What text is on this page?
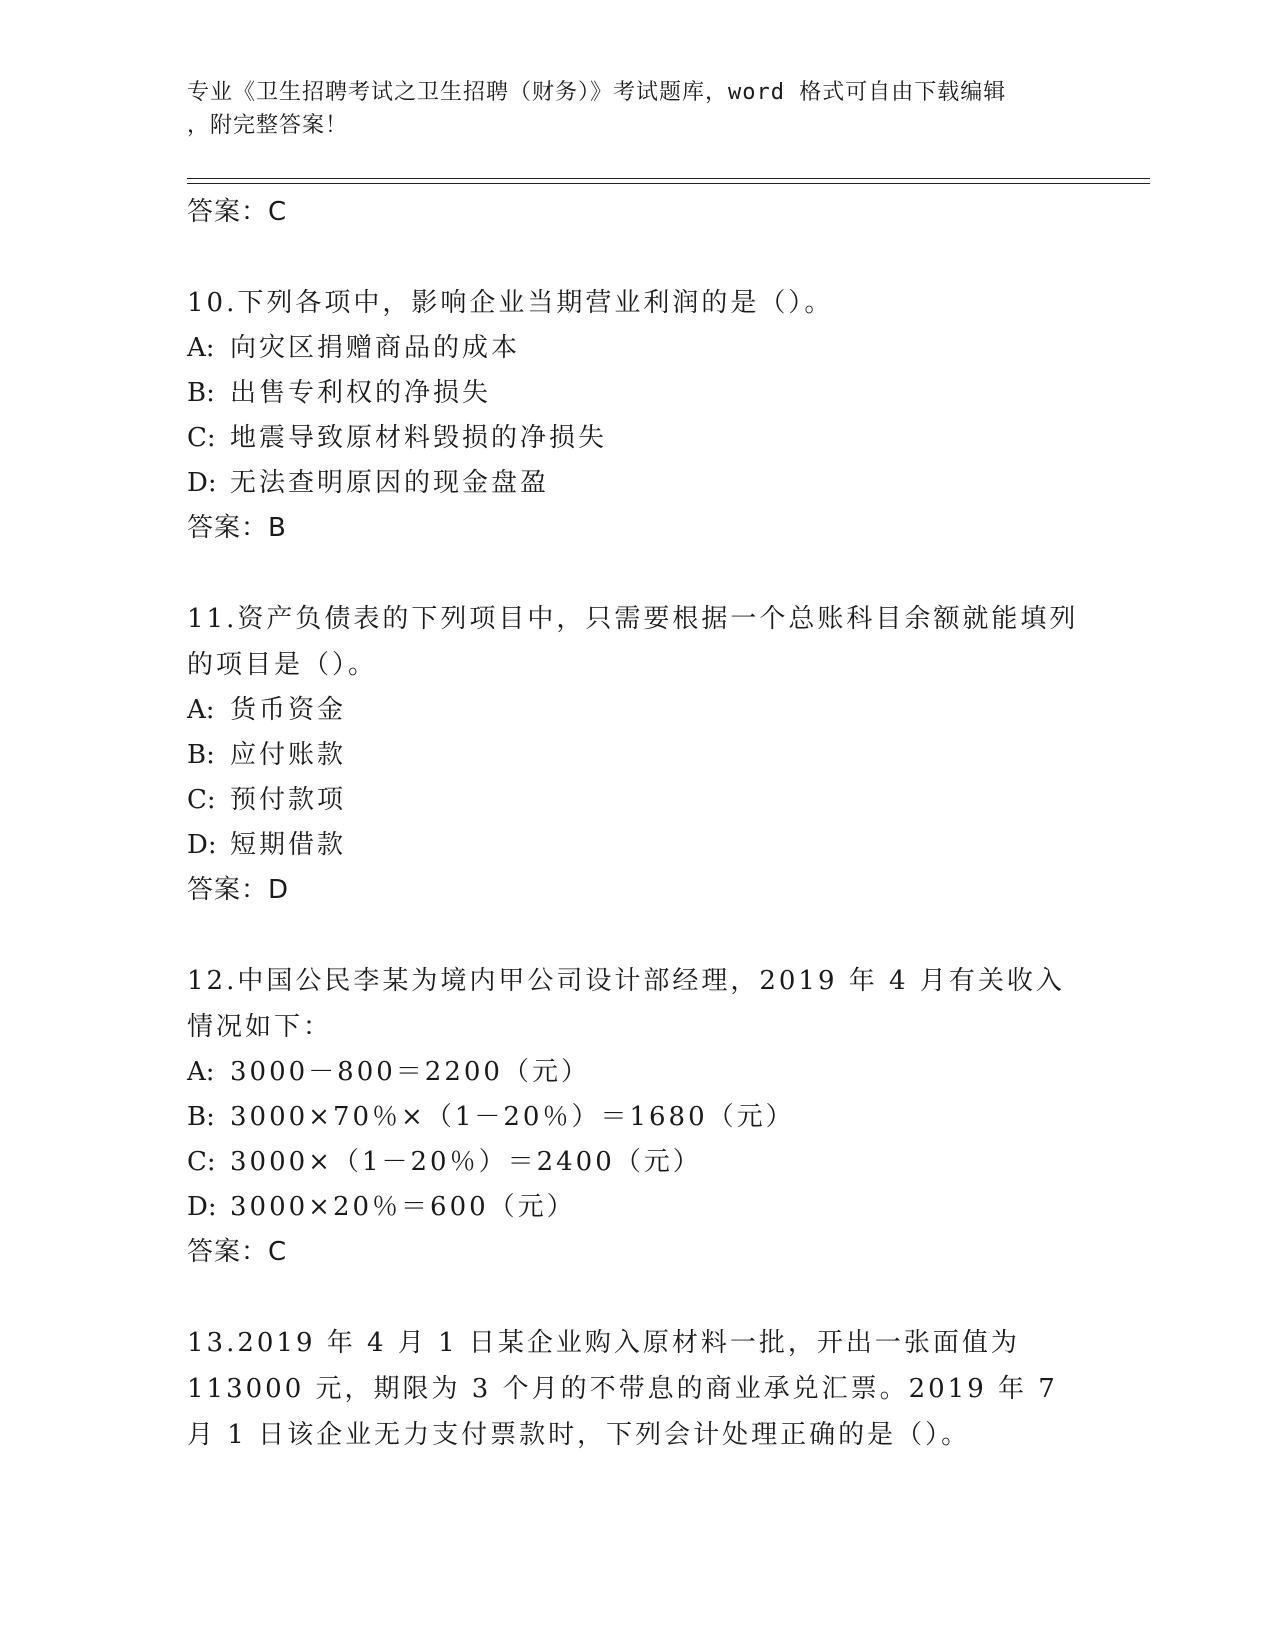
专业《卫生招聘考试之卫生招聘（财务）》考试题库，word 格式可自由下载编辑
，附完整答案！
答案：C
10.下列各项中，影响企业当期营业利润的是（）。
A: 向灾区捐赠商品的成本
B: 出售专利权的净损失
C: 地震导致原材料毁损的净损失
D: 无法查明原因的现金盘盈
答案：B
11.资产负债表的下列项目中，只需要根据一个总账科目余额就能填列的项目是（）。
A: 货币资金
B: 应付账款
C: 预付款项
D: 短期借款
答案：D
12.中国公民李某为境内甲公司设计部经理，2019 年 4 月有关收入情况如下：
A: 3000－800＝2200（元）
B: 3000×70％×（1－20％）＝1680（元）
C: 3000×（1－20％）＝2400（元）
D: 3000×20％＝600（元）
答案：C
13.2019 年 4 月 1 日某企业购入原材料一批，开出一张面值为 113000 元，期限为 3 个月的不带息的商业承兑汇票。2019 年 7 月 1 日该企业无力支付票款时，下列会计处理正确的是（）。
